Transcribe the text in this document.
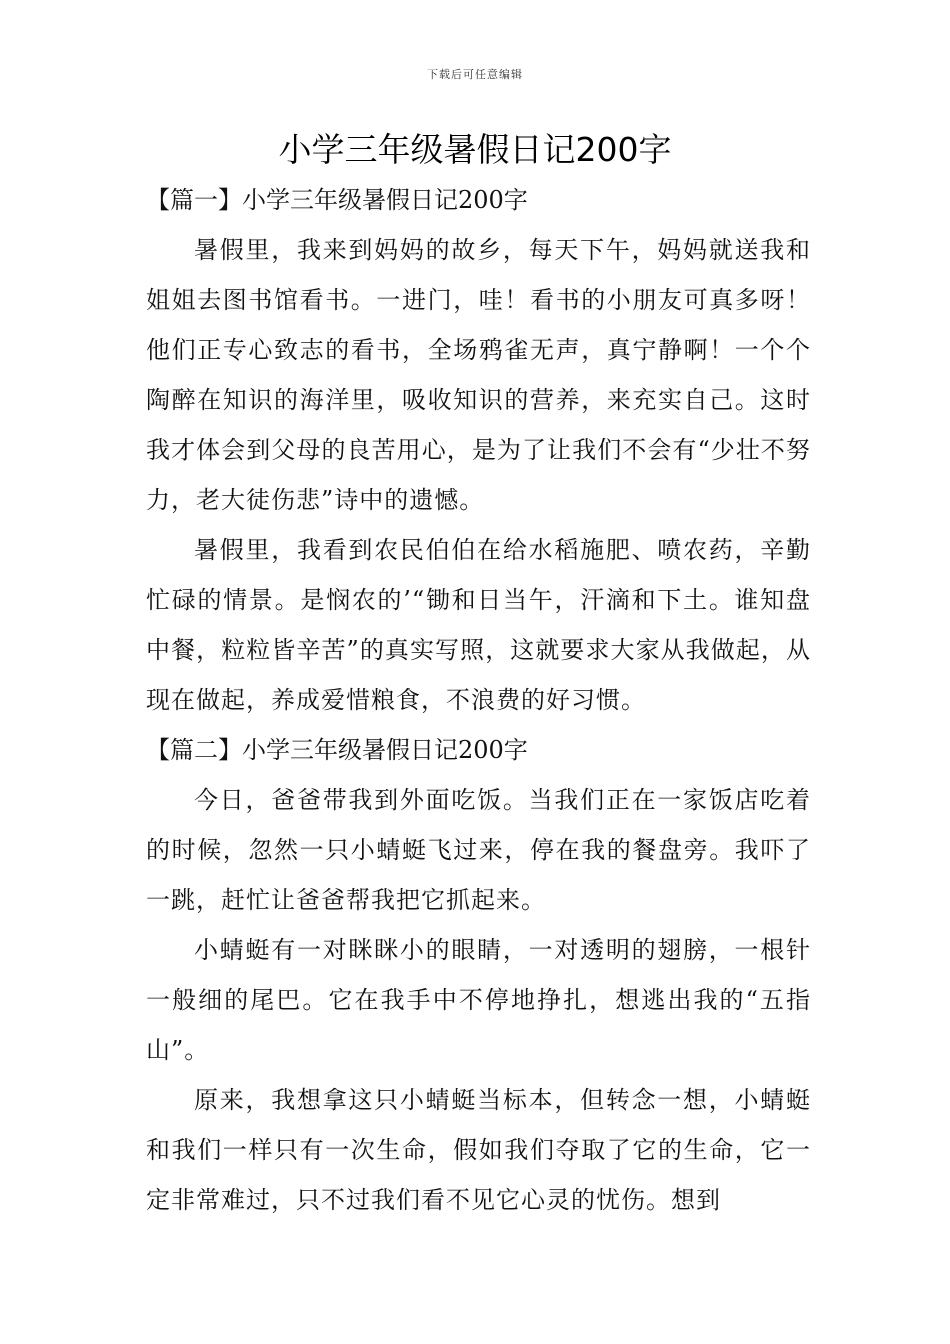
下载后可任意编辑
小学三年级暑假日记200字
【篇一】小学三年级暑假日记200字

暑假里，我来到妈妈的故乡，每天下午，妈妈就送我和姐姐去图书馆看书。一进门，哇！看书的小朋友可真多呀！他们正专心致志的看书，全场鸦雀无声，真宁静啊！一个个陶醉在知识的海洋里，吸收知识的营养，来充实自己。这时我才体会到父母的良苦用心，是为了让我们不会有“少壮不努力，老大徒伤悲”诗中的遗憾。

暑假里，我看到农民伯伯在给水稻施肥、喷农药，辛勤忙碌的情景。是悯农的’“锄和日当午，汗滴和下土。谁知盘中餐，粒粒皆辛苦”的真实写照，这就要求大家从我做起，从现在做起，养成爱惜粮食，不浪费的好习惯。

【篇二】小学三年级暑假日记200字

今日，爸爸带我到外面吃饭。当我们正在一家饭店吃着的时候，忽然一只小蜻蜓飞过来，停在我的餐盘旁。我吓了一跳，赶忙让爸爸帮我把它抓起来。

小蜻蜓有一对眯眯小的眼睛，一对透明的翅膀，一根针一般细的尾巴。它在我手中不停地挣扎，想逃出我的“五指山”。

原来，我想拿这只小蜻蜓当标本，但转念一想，小蜻蜓和我们一样只有一次生命，假如我们夺取了它的生命，它一定非常难过，只不过我们看不见它心灵的忧伤。想到
